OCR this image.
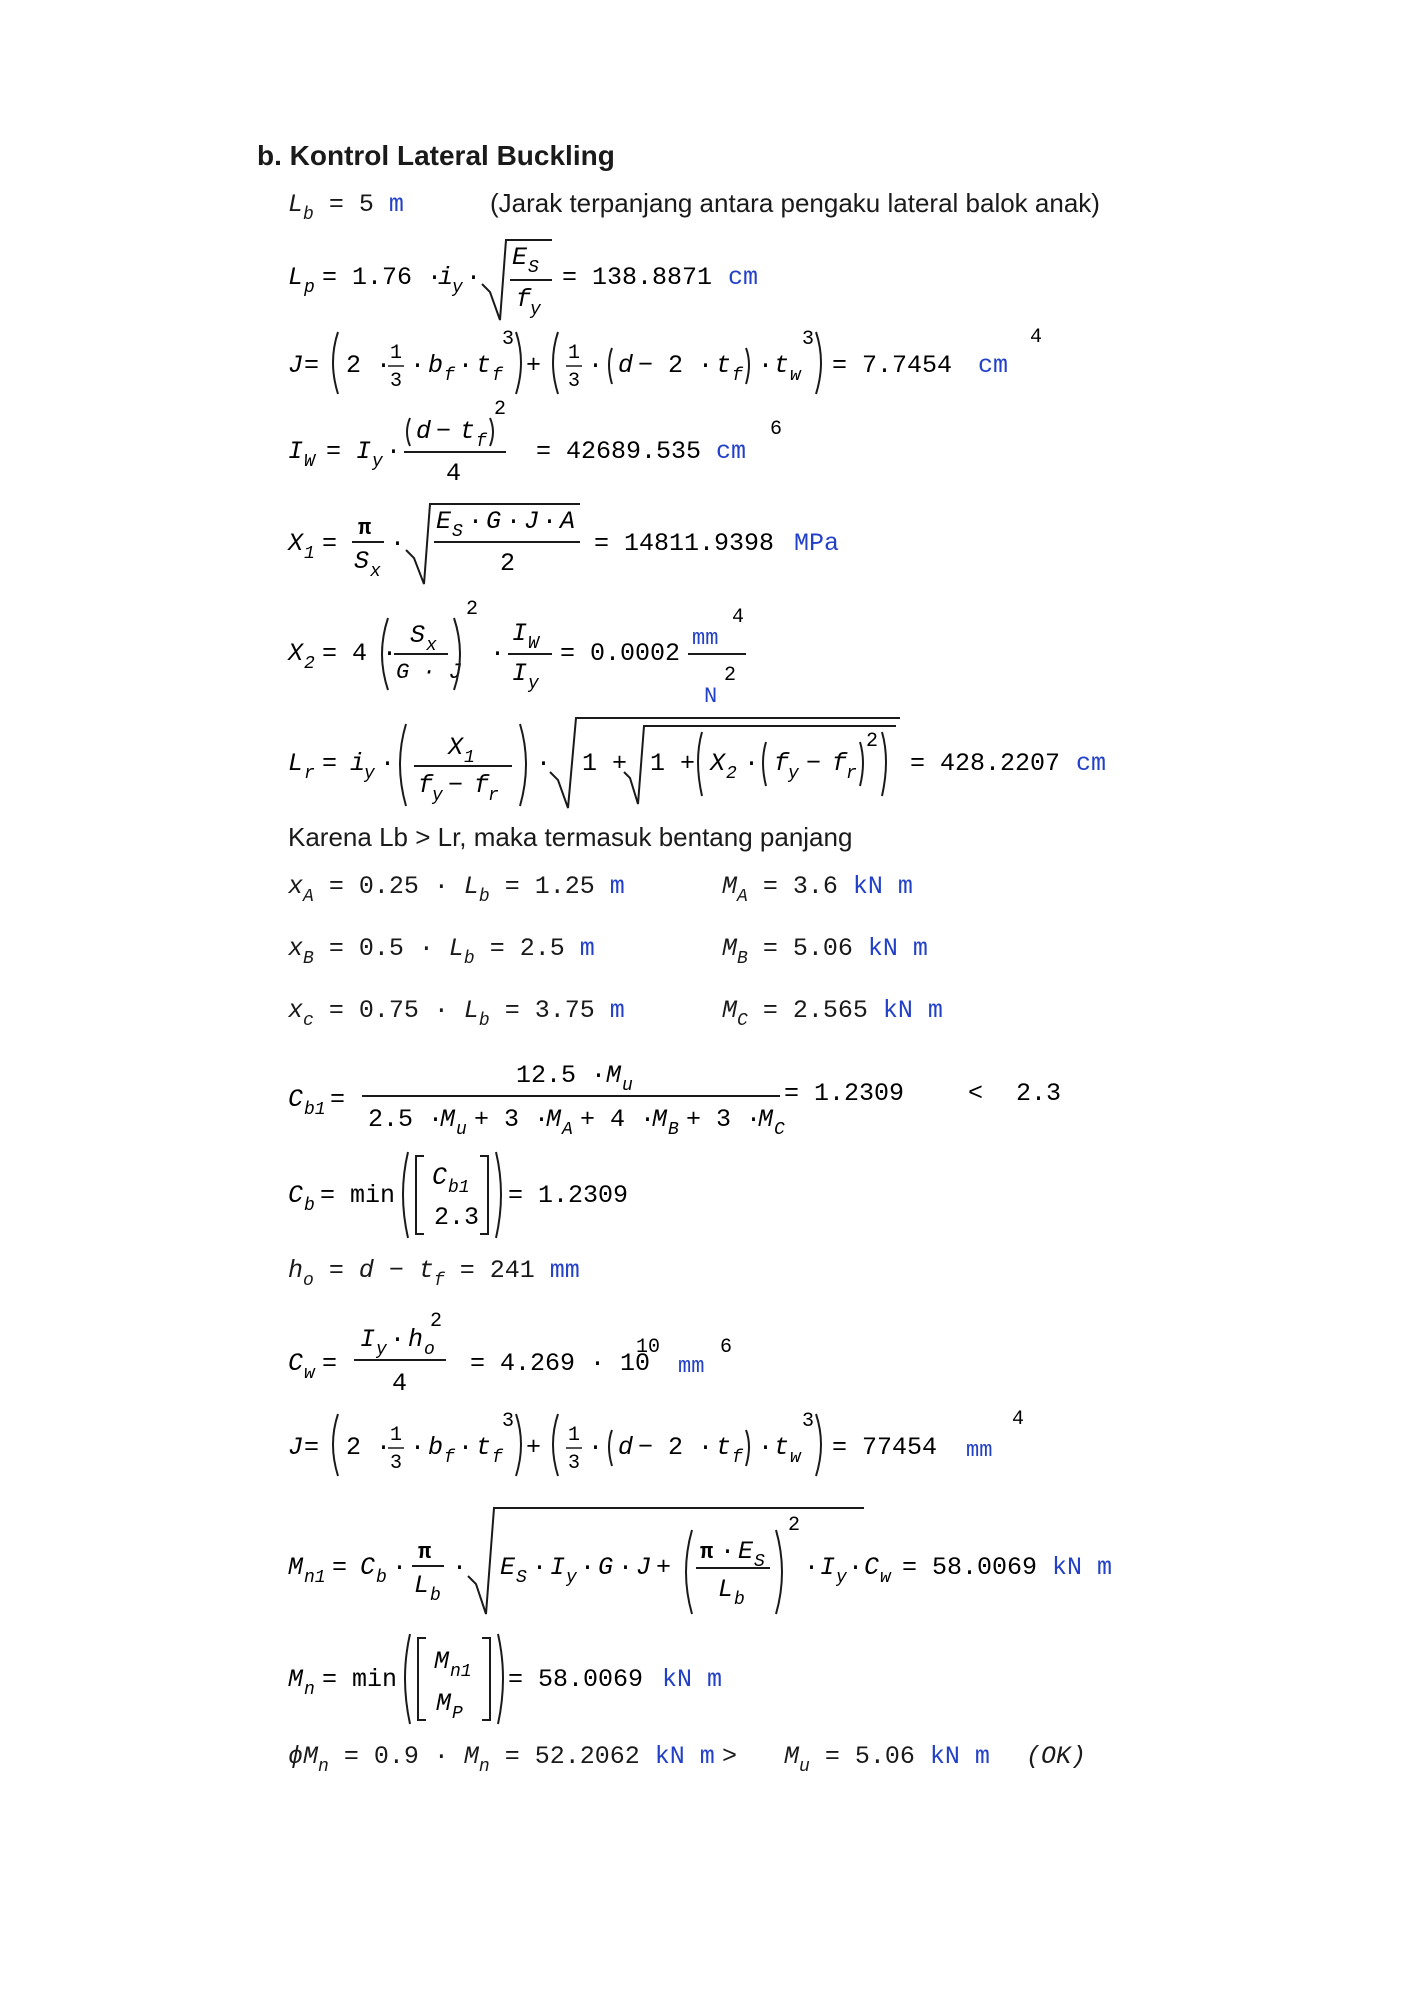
b. Kontrol Lateral Buckling
$L_b = 5$ m	(Jarak terpanjang antara pengaku lateral balok anak)
L p = 1.76 ·
i
y ·
E S
f
y
= 138.8871 cm
J = 2 ·
1
3
· b f · t f
3
+ 1
3
· d − 2 · t f · t w
3
= 7.7454 cm
4
I W = I y ·
d − t f
2
4
= 42689.535 cm
6
X 1 =
π
S x
·
E S · G · J · A
2
= 14811.9398 MPa
X 2 = 4 ·
S x
G · J
2
·
I W
I y
= 0.0002
mm
4
2
N
L r = i
y ·
X 1
f
y − f
r
· 1 + 1 + X 2 · f
y − f
r
2
= 428.2207 cm
Karena Lb > Lr, maka termasuk bentang panjang
$x_A = 0.25 \cdot L_b = 1.25$ m	$M_A = 3.6$ kN m
$x_B = 0.5 \cdot L_b = 2.5$ m	$M_B = 5.06$ kN m
$x_c = 0.75 \cdot L_b = 3.75$ m	$M_C = 2.565$ kN m
C b1 =
12.5 · M u
2.5 ·
M u + 3 ·
M A + 4 ·
M B + 3 ·
M C
= 1.2309	< 2.3
C b = min
C b1
2.3
= 1.2309
$h_o = d - t_f = 241$ mm
C w =
I y · h o
2
4
= 4.269 · 10
10
mm
6
J = 2 ·
1
3
· b f · t f
3
+ 1
3
· d − 2 · t f · t w
3
= 77454 mm
4
M n1 = C b ·
π
L b
· E S · I y · G · J +
π · E S
L b
2
· I y · C w = 58.0069 kN m
M n = min
M n1
M P
= 58.0069 kN m
$\phi M_n = 0.9 \cdot M_n = 52.2062$ kN $m > M_u = 5.06$ kN m (OK)
